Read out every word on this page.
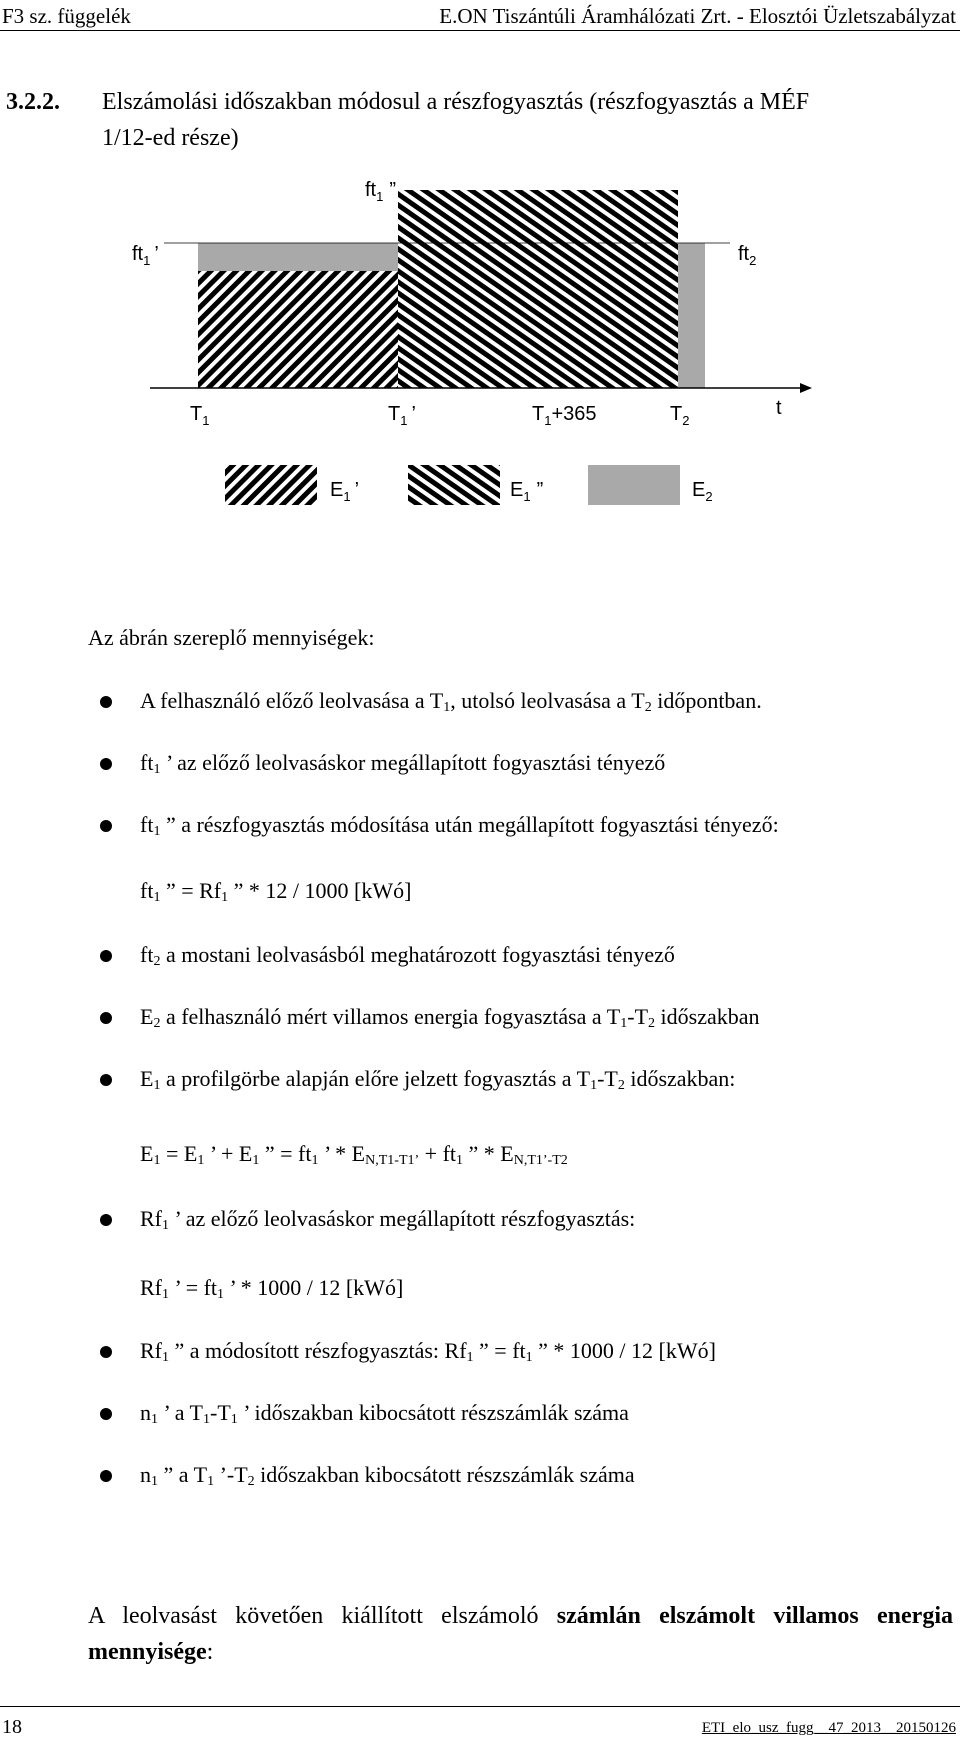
F3 sz. függelék	E.ON Tiszántúli Áramhálózati Zrt. - Elosztói Üzletszabályzat
3.2.2.	Elszámolási időszakban módosul a részfogyasztás (részfogyasztás a MÉF
1/12-ed része)
$ft_1$ ”
$ft_1$ ’	$ft_2$
t
$T_1$	$T_1$ ’	$T_1+365$	$T_2$
$E_1$ ’	$E_1$ ”	$E_2$
Az ábrán szereplő mennyiségek:
A felhasználó előző leolvasása a $T_1$, utolsó leolvasása a $T_2$ időpontban.
$ft_1$ ’ az előző leolvasáskor megállapított fogyasztási tényező
$ft_1$ ” a részfogyasztás módosítása után megállapított fogyasztási tényező:
$ft_1$ ” = $Rf_1$ ” * 12 / 1000 [kWó]
$ft_2$ a mostani leolvasásból meghatározott fogyasztási tényező
$E_2$ a felhasználó mért villamos energia fogyasztása a $T_1-T_2$ időszakban
$E_1$ a profilgörbe alapján előre jelzett fogyasztás a $T_1-T_2$ időszakban:
$E_1 = E_1$ ’ + $E_1$ ” = $ft_1$ ’ * $E_{N,T1-T1’} + ft_1$ ” * $E_{N,T1’-T2}$
$Rf_1$ ’ az előző leolvasáskor megállapított részfogyasztás:
$Rf_1$ ’ = $ft_1$ ’ * 1000 / 12 [kWó]
$Rf_1$ ” a módosított részfogyasztás: $Rf_1$ ” = $ft_1$ ” * 1000 / 12 [kWó]
$n_1$ ’ a $T_1-T_1$ ’ időszakban kibocsátott részszámlák száma
$n_1$ ” a $T_1$ $’-T_2$ időszakban kibocsátott részszámlák száma
A leolvasást követően kiállított elszámoló számlán elszámolt villamos energia mennyisége:
18	ETI_elo_usz_fugg__47_2013__20150126
